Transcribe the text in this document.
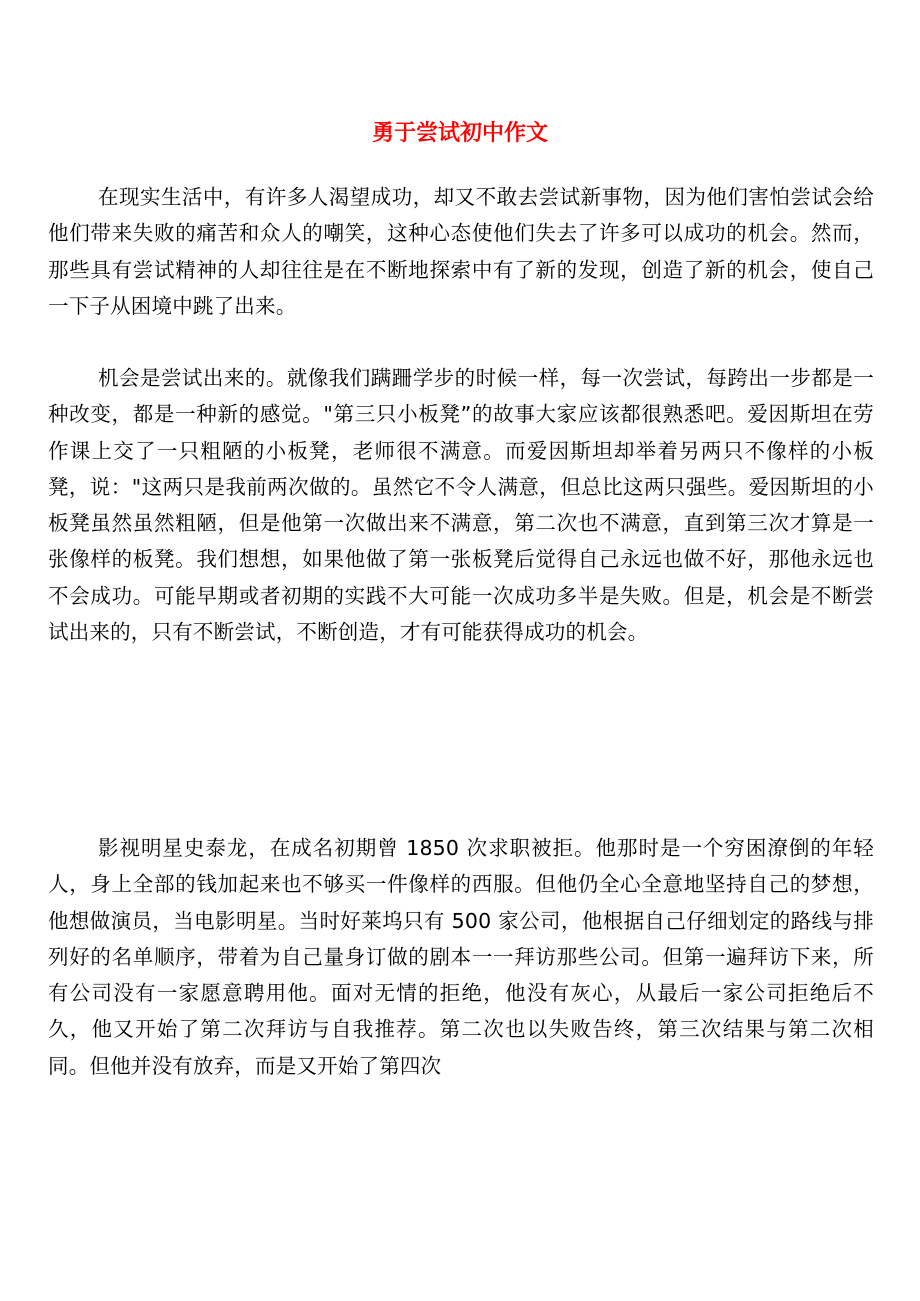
勇于尝试初中作文

在现实生活中，有许多人渴望成功，却又不敢去尝试新事物，因为他们害怕尝试会给他们带来失败的痛苦和众人的嘲笑，这种心态使他们失去了许多可以成功的机会。然而，那些具有尝试精神的人却往往是在不断地探索中有了新的发现，创造了新的机会，使自己一下子从困境中跳了出来。

机会是尝试出来的。就像我们蹒跚学步的时候一样，每一次尝试，每跨出一步都是一种改变，都是一种新的感觉。"第三只小板凳”的故事大家应该都很熟悉吧。爱因斯坦在劳作课上交了一只粗陋的小板凳，老师很不满意。而爱因斯坦却举着另两只不像样的小板凳，说："这两只是我前两次做的。虽然它不令人满意，但总比这两只强些。爱因斯坦的小板凳虽然虽然粗陋，但是他第一次做出来不满意，第二次也不满意，直到第三次才算是一张像样的板凳。我们想想，如果他做了第一张板凳后觉得自己永远也做不好，那他永远也不会成功。可能早期或者初期的实践不大可能一次成功多半是失败。但是，机会是不断尝试出来的，只有不断尝试，不断创造，才有可能获得成功的机会。

影视明星史泰龙，在成名初期曾 1850 次求职被拒。他那时是一个穷困潦倒的年轻人，身上全部的钱加起来也不够买一件像样的西服。但他仍全心全意地坚持自己的梦想，他想做演员，当电影明星。当时好莱坞只有 500 家公司，他根据自己仔细划定的路线与排列好的名单顺序，带着为自己量身订做的剧本一一拜访那些公司。但第一遍拜访下来，所有公司没有一家愿意聘用他。面对无情的拒绝，他没有灰心，从最后一家公司拒绝后不久，他又开始了第二次拜访与自我推荐。第二次也以失败告终，第三次结果与第二次相同。但他并没有放弃，而是又开始了第四次
